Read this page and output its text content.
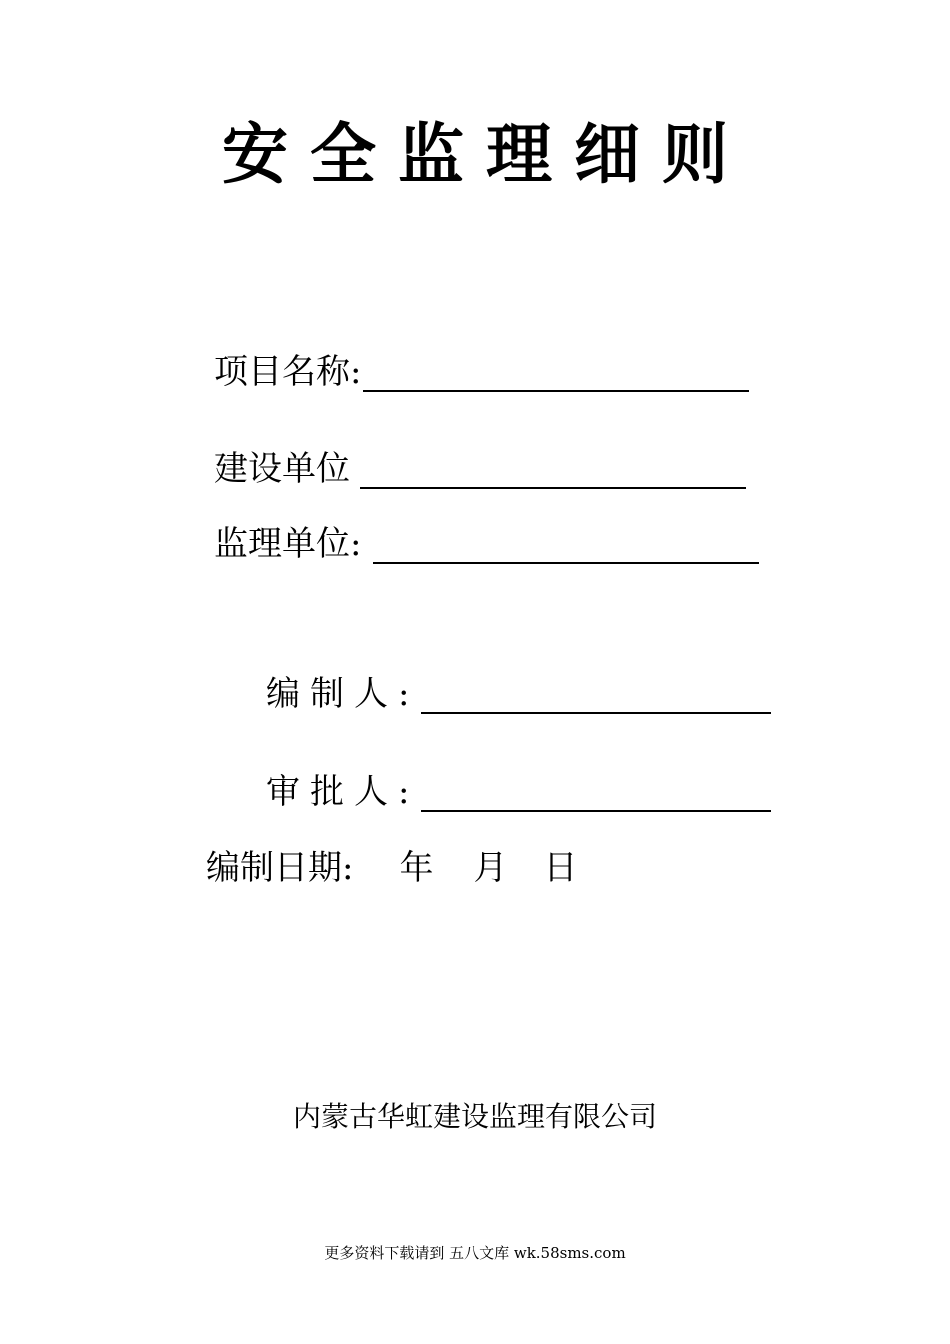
安全监理细则
项目名称:
建设单位
监理单位:
编制人:
审批人:
编制日期: 年 月 日
内蒙古华虹建设监理有限公司
更多资料下载请到 五八文库 wk.58sms.com
